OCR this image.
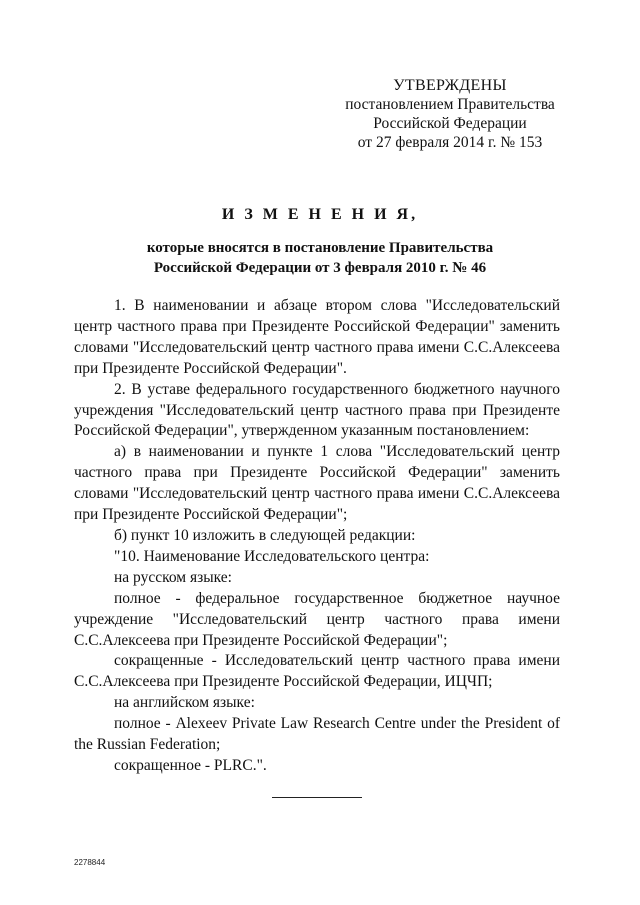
УТВЕРЖДЕНЫ
постановлением Правительства
Российской Федерации
от 27 февраля 2014 г. № 153
И З М Е Н Е Н И Я,
которые вносятся в постановление Правительства
Российской Федерации от 3 февраля 2010 г. № 46

1. В наименовании и абзаце втором слова "Исследовательский центр частного права при Президенте Российской Федерации" заменить словами "Исследовательский центр частного права имени С.С.Алексеева при Президенте Российской Федерации".

2. В уставе федерального государственного бюджетного научного учреждения "Исследовательский центр частного права при Президенте Российской Федерации", утвержденном указанным постановлением:

а) в наименовании и пункте 1 слова "Исследовательский центр частного права при Президенте Российской Федерации" заменить словами "Исследовательский центр частного права имени С.С.Алексеева при Президенте Российской Федерации";

б) пункт 10 изложить в следующей редакции:

"10. Наименование Исследовательского центра:

на русском языке:

полное - федеральное государственное бюджетное научное учреждение "Исследовательский центр частного права имени С.С.Алексеева при Президенте Российской Федерации";

сокращенные - Исследовательский центр частного права имени С.С.Алексеева при Президенте Российской Федерации, ИЦЧП;

на английском языке:

полное - Alexeev Private Law Research Centre under the President of the Russian Federation;

сокращенное - PLRC.".

2278844
